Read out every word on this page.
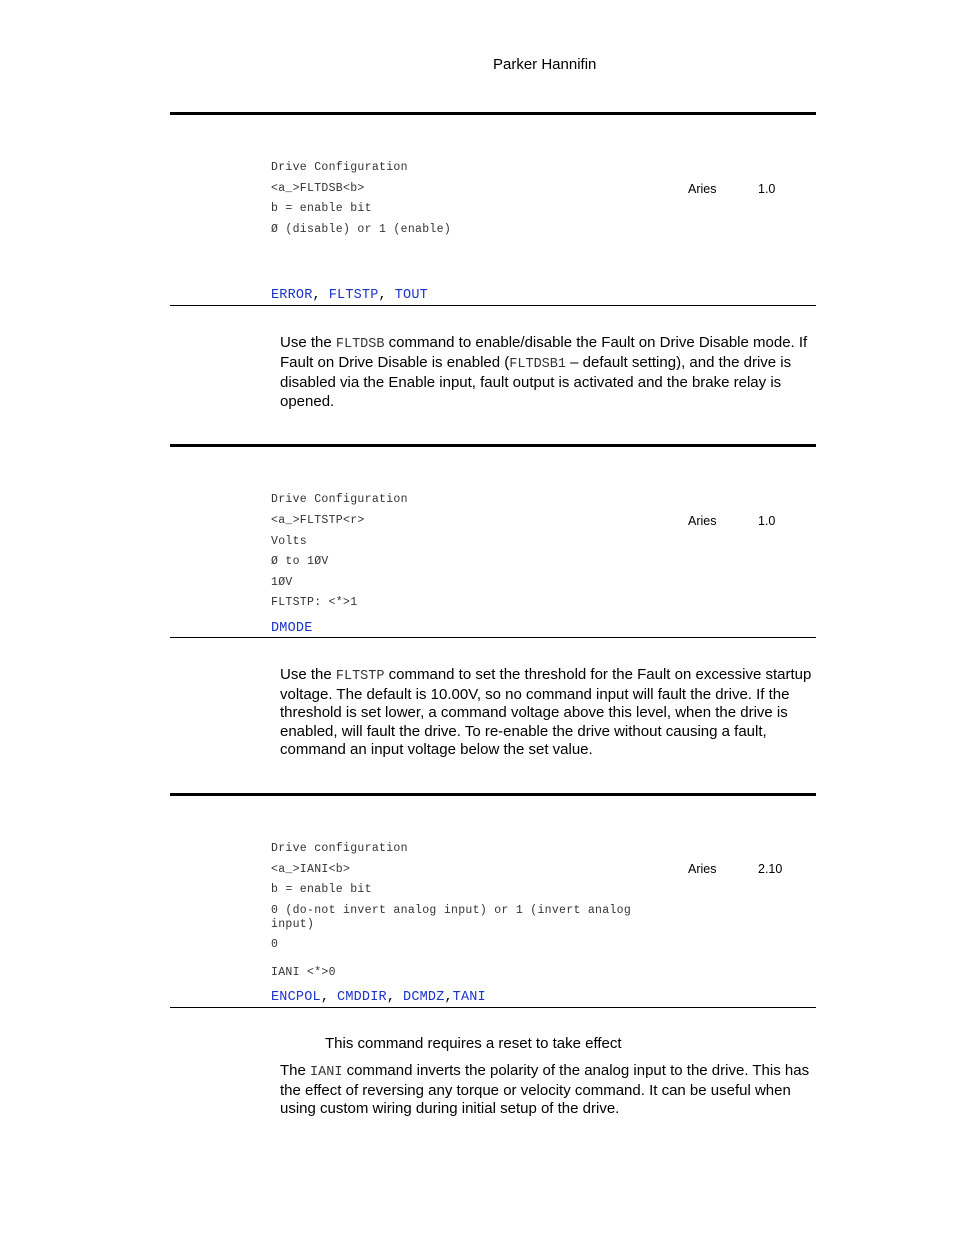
Parker Hannifin
Drive Configuration
<a_>FLTDSB<b>
b = enable bit
Ø (disable) or 1 (enable)
Aries	1.0
ERROR, FLTSTP, TOUT
Use the FLTDSB command to enable/disable the Fault on Drive Disable mode. If Fault on Drive Disable is enabled (FLTDSB1 – default setting), and the drive is disabled via the Enable input, fault output is activated and the brake relay is opened.
Drive Configuration
<a_>FLTSTP<r>
Volts
Ø to 1ØV
1ØV
FLTSTP: <*>1
Aries	1.0
DMODE
Use the FLTSTP command to set the threshold for the Fault on excessive startup voltage. The default is 10.00V, so no command input will fault the drive. If the threshold is set lower, a command voltage above this level, when the drive is enabled, will fault the drive. To re-enable the drive without causing a fault, command an input voltage below the set value.
Drive configuration
<a_>IANI<b>
b = enable bit
0 (do-not invert analog input) or 1 (invert analog
input)
0
IANI <*>0
Aries	2.10
ENCPOL, CMDDIR, DCMDZ,TANI
This command requires a reset to take effect
The IANI command inverts the polarity of the analog input to the drive. This has the effect of reversing any torque or velocity command. It can be useful when using custom wiring during initial setup of the drive.
